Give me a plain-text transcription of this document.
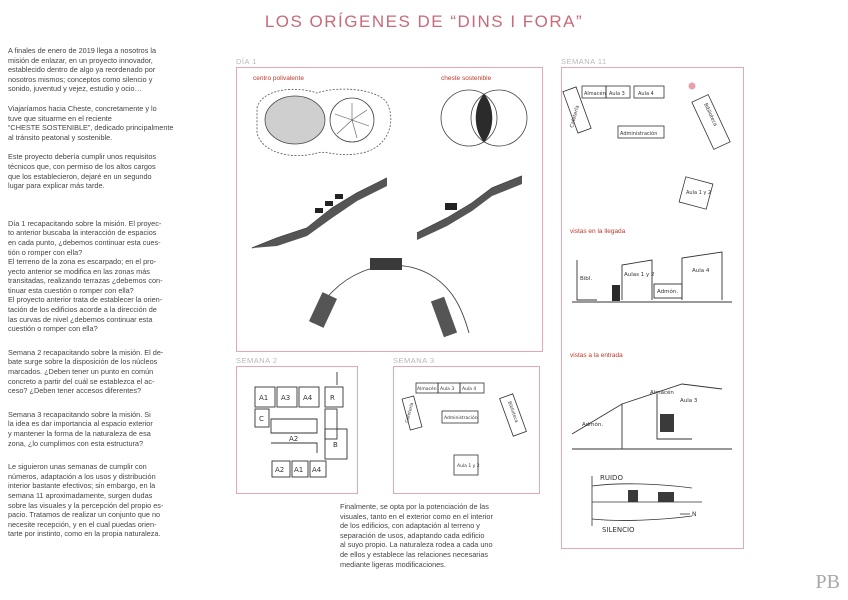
LOS ORÍGENES DE “DINS I FORA”

A finales de enero de 2019 llega a nosotros la
misión de enlazar, en un proyecto innovador,
establecido dentro de algo ya reordenado por
nosotros mismos; conceptos como silencio y
sonido, juventud y vejez, estudio y ocio…

Viajaríamos hacia Cheste, concretamente y lo
tuve que situarme en el reciente
“CHESTE SOSTENIBLE”, dedicado principalmente
al tránsito peatonal y sostenible.

Este proyecto debería cumplir unos requisitos
técnicos que, con permiso de los altos cargos
que los establecieron, dejaré en un segundo
lugar para explicar más tarde.

Día 1 recapacitando sobre la misión. El proyec-
to anterior buscaba la interacción de espacios
en cada punto, ¿debemos continuar esta cues-
tión o romper con ella?
El terreno de la zona es escarpado; en el pro-
yecto anterior se modifica en las zonas más
transitadas, realizando terrazas ¿debemos con-
tinuar esta cuestión o romper con ella?
El proyecto anterior trata de establecer la orien-
tación de los edificios acorde a la dirección de
las curvas de nivel ¿debemos continuar esta
cuestión o romper con ella?

Semana 2 recapacitando sobre la misión. El de-
bate surge sobre la disposición de los núcleos
marcados. ¿Deben tener un punto en común
concreto a partir del cuál se establezca el ac-
ceso? ¿Deben tener accesos diferentes?

Semana 3 recapacitando sobre la misión. Si
la idea es dar importancia al espacio exterior
y mantener la forma de la naturaleza de esa
zona, ¿lo cumplimos con esta estructura?

Le siguieron unas semanas de cumplir con
números, adaptación a los usos y distribución
interior bastante efectivos; sin embargo, en la
semana 11 aproximadamente, surgen dudas
sobre las visuales y la percepción del propio es-
pacio. Tratamos de realizar un conjunto que no
necesite recepción, y en el cual puedas orien-
tarte por instinto, como en la propia naturaleza.

DÍA 1
centro polivalente	cheste sostenible
SEMANA 2
A1 A3 A4	R
C
A2
B
A2 A1 A4
SEMANA 3
Almacén Aula 3 Aula 4
Cafetería	Administración	Biblioteca
Aula 1 y 2
SEMANA 11
Almacén Aula 3	Aula 4
Cafetería
Administración
Biblioteca
Aula 1 y 2
vistas en la llegada
Bibl.
Aulas 1 y 2
Aula 4
Admón.
vistas a la entrada
Almacén
Aula 3
Admón.
RUIDO
SILENCIO
N
Finalmente, se opta por la potenciación de las
visuales, tanto en el exterior como en el interior
de los edificios, con adaptación al terreno y
separación de usos, adaptando cada edificio
al suyo propio. La naturaleza rodea a cada uno
de ellos y establece las relaciones necesarias
mediante ligeras modificaciones.
PB
